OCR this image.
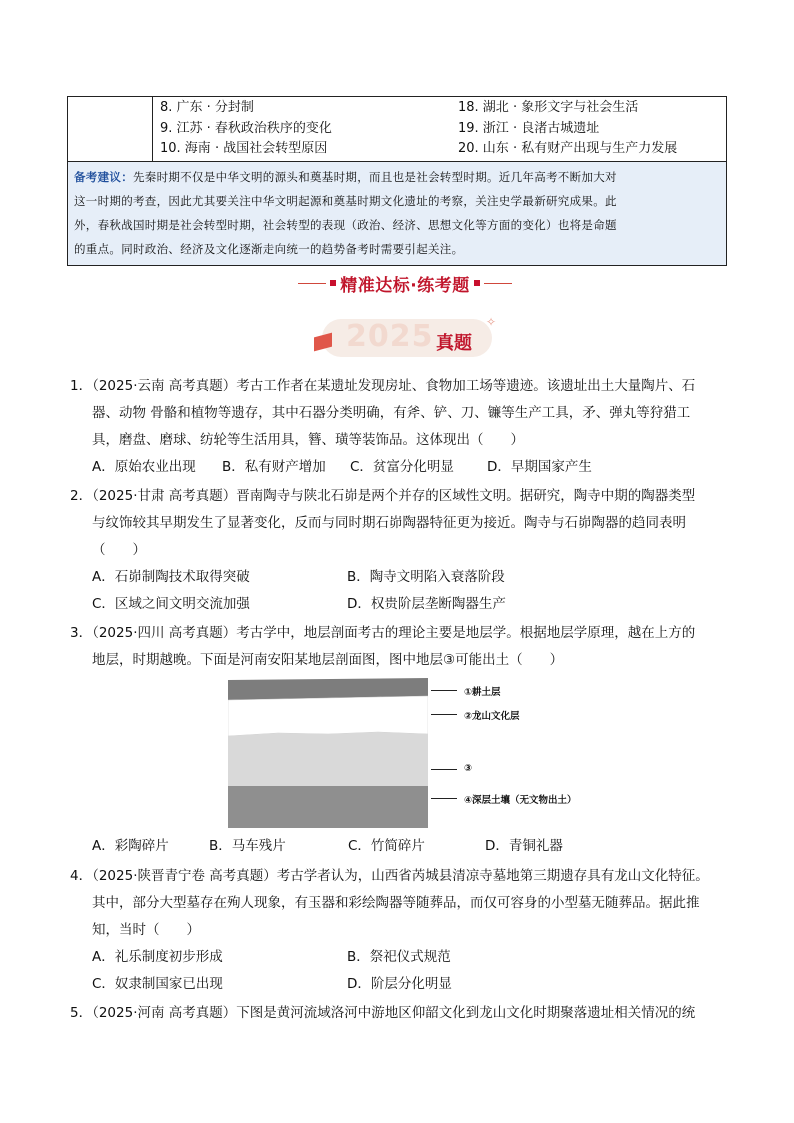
8. 广东 · 分封制	18. 湖北 · 象形文字与社会生活
9. 江苏 · 春秋政治秩序的变化	19. 浙江 · 良渚古城遗址
10. 海南 · 战国社会转型原因	20. 山东 · 私有财产出现与生产力发展

备考建议：先秦时期不仅是中华文明的源头和奠基时期，而且也是社会转型时期。近几年高考不断加大对
这一时期的考查，因此尤其要关注中华文明起源和奠基时期文化遗址的考察，关注史学最新研究成果。此
外，春秋战国时期是社会转型时期，社会转型的表现（政治、经济、思想文化等方面的变化）也将是命题
的重点。同时政治、经济及文化逐渐走向统一的趋势备考时需要引起关注。
精准达标·练考题
2025 真题
✧

1．（2025·云南 高考真题）考古工作者在某遗址发现房址、食物加工场等遗迹。该遗址出土大量陶片、石

器、动物 骨骼和植物等遗存，其中石器分类明确，有斧、铲、刀、镰等生产工具，矛、弹丸等狩猎工

具，磨盘、磨球、纺轮等生活用具，簪、璜等装饰品。这体现出（　　）

A．原始农业出现	B．私有财产增加	C．贫富分化明显	D．早期国家产生

2．（2025·甘肃 高考真题）晋南陶寺与陕北石峁是两个并存的区域性文明。据研究，陶寺中期的陶器类型

与纹饰较其早期发生了显著变化，反而与同时期石峁陶器特征更为接近。陶寺与石峁陶器的趋同表明

（　　）

A．石峁制陶技术取得突破	B．陶寺文明陷入衰落阶段
C．区域之间文明交流加强	D．权贵阶层垄断陶器生产

3．（2025·四川 高考真题）考古学中，地层剖面考古的理论主要是地层学。根据地层学原理，越在上方的

地层，时期越晚。下面是河南安阳某地层剖面图，图中地层③可能出土（　　）

①耕土层
②龙山文化层
③
④深层土壤（无文物出土）
A．彩陶碎片	B．马车残片	C．竹简碎片	D．青铜礼器

4．（2025·陕晋青宁卷 高考真题）考古学者认为，山西省芮城县清凉寺墓地第三期遗存具有龙山文化特征。

其中，部分大型墓存在殉人现象，有玉器和彩绘陶器等随葬品，而仅可容身的小型墓无随葬品。据此推

知，当时（　　）

A．礼乐制度初步形成	B．祭祀仪式规范
C．奴隶制国家已出现	D．阶层分化明显

5．（2025·河南 高考真题）下图是黄河流域洛河中游地区仰韶文化到龙山文化时期聚落遗址相关情况的统
